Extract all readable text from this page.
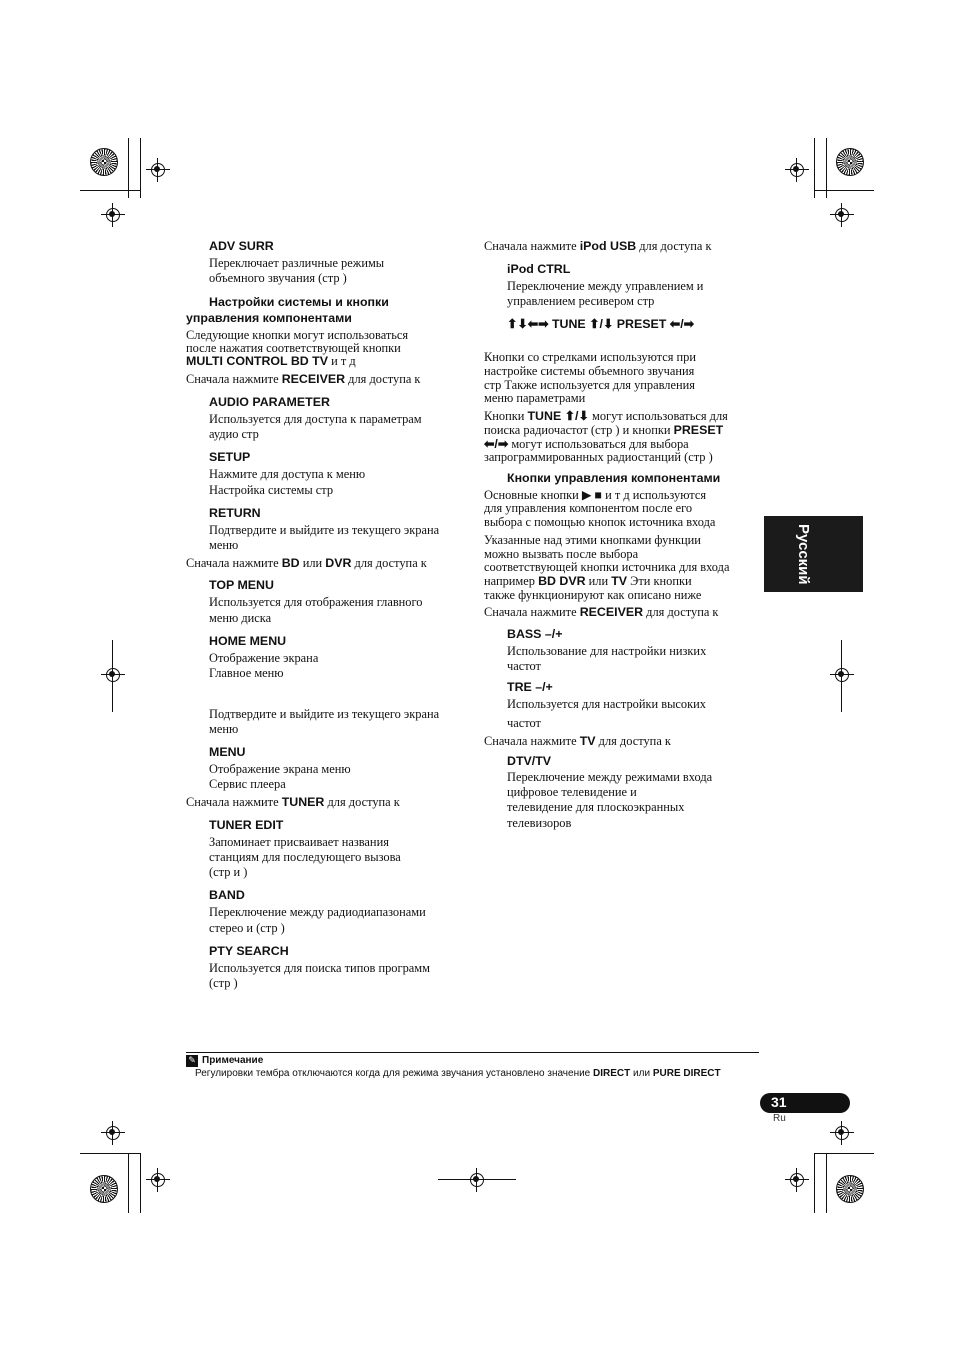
ADV SURR
Переключает различные режимы
объемного звучания (стр )
Настройки системы и кнопки
управления компонентами
Следующие кнопки могут использоваться
после нажатия соответствующей кнопки
MULTI CONTROL BD TV и т д
Сначала нажмите RECEIVER для доступа к
AUDIO PARAMETER
Используется для доступа к параметрам
аудио стр
SETUP
Нажмите для доступа к меню
Настройка системы стр
RETURN
Подтвердите и выйдите из текущего экрана
меню
Сначала нажмите BD или DVR для доступа к
TOP MENU
Используется для отображения главного
меню диска
HOME MENU
Отображение экрана
Главное меню
Подтвердите и выйдите из текущего экрана
меню
MENU
Отображение экрана меню
Сервис плеера
Сначала нажмите TUNER для доступа к
TUNER EDIT
Запоминает присваивает названия
станциям для последующего вызова
(стр и )
BAND
Переключение между радиодиапазонами
стерео и (стр )
PTY SEARCH
Используется для поиска типов программ
(стр )
Сначала нажмите iPod USB для доступа к
iPod CTRL
Переключение между управлением и
управлением ресивером стр
⬆⬇⬅➡ TUNE ⬆/⬇ PRESET ⬅/➡
Кнопки со стрелками используются при
настройке системы объемного звучания
стр Также используется для управления
меню параметрами
Кнопки TUNE ⬆/⬇ могут использоваться для
поиска радиочастот (стр ) и кнопки PRESET
⬅/➡ могут использоваться для выбора
запрограммированных радиостанций (стр )
Кнопки управления компонентами
Основные кнопки ▶ ■ и т д используются
для управления компонентом после его
выбора с помощью кнопок источника входа
Указанные над этими кнопками функции
можно вызвать после выбора
соответствующей кнопки источника для входа
например BD DVR или TV Эти кнопки
также функционируют как описано ниже
Сначала нажмите RECEIVER для доступа к
BASS –/+
Использование для настройки низких
частот
TRE –/+
Используется для настройки высоких
частот
Сначала нажмите TV для доступа к
DTV/TV
Переключение между режимами входа
цифровое телевидение и
телевидение для плоскоэкранных
телевизоров
Русский
✎ Примечание
Регулировки тембра отключаются когда для режима звучания установлено значение DIRECT или PURE DIRECT
31
Ru
